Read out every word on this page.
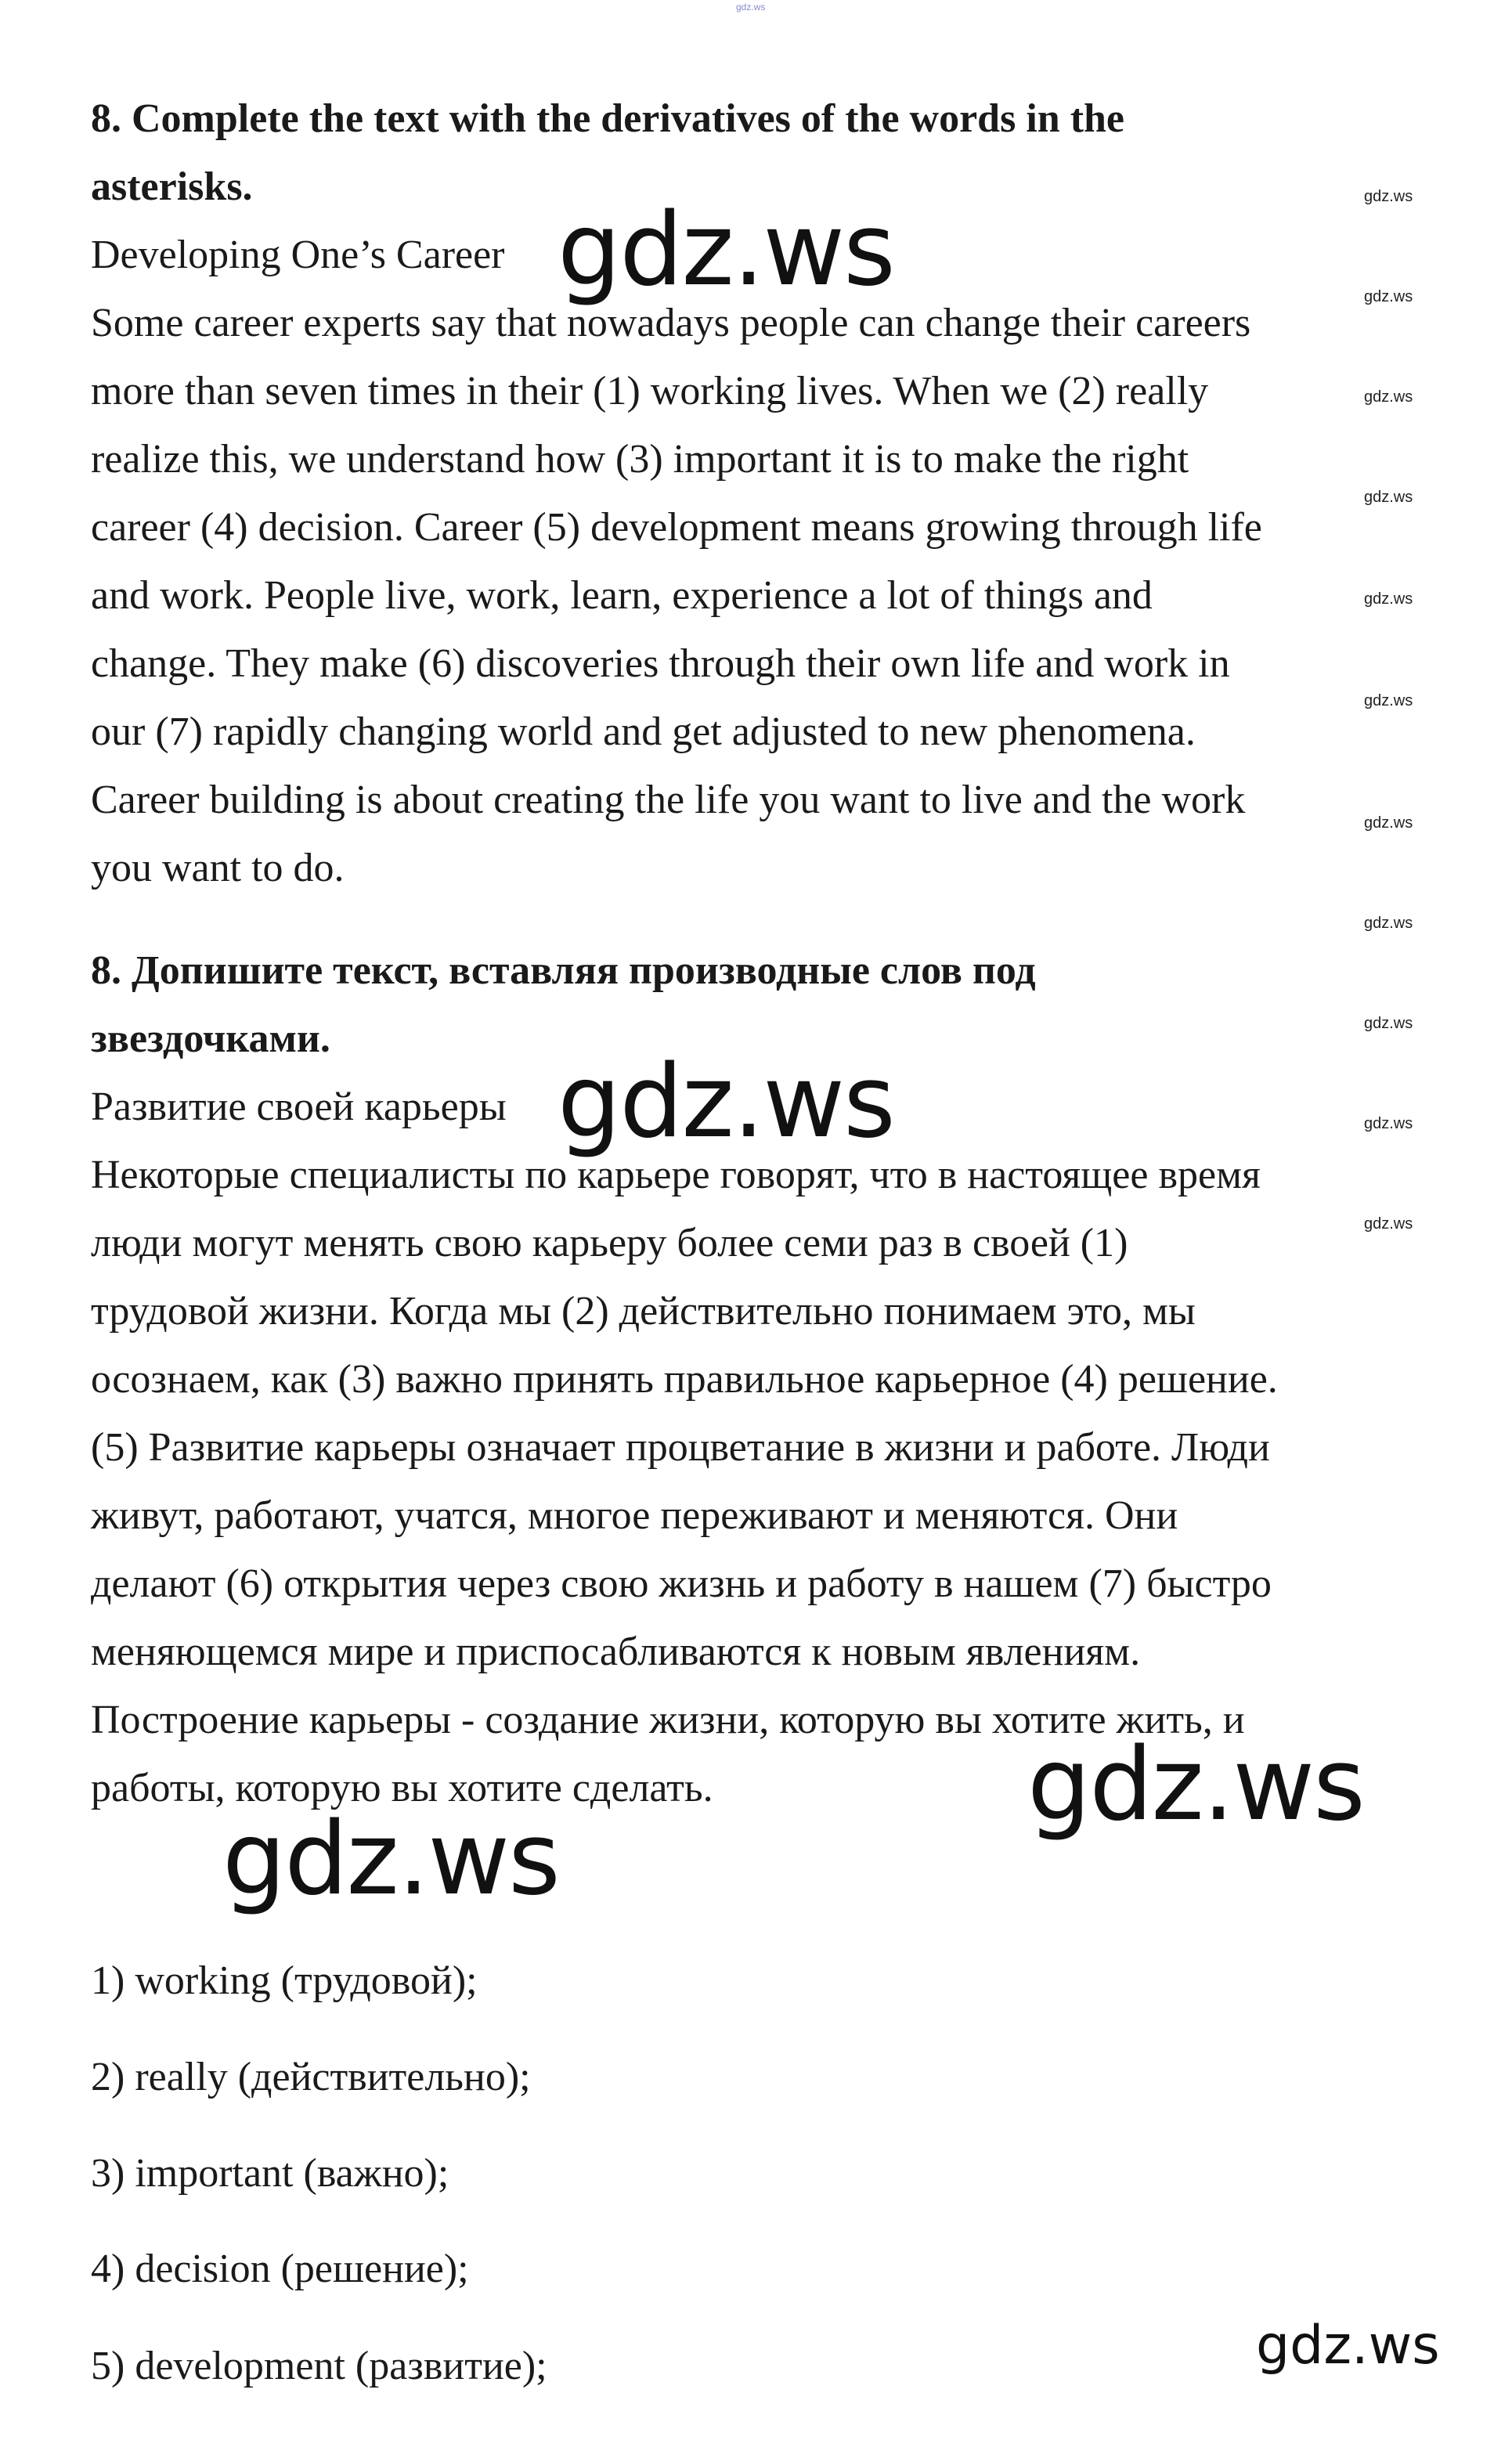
gdz.ws
8. Complete the text with the derivatives of the words in the
asterisks.
Developing One’s Career
Some career experts say that nowadays people can change their careers
more than seven times in their (1) working lives. When we (2) really
realize this, we understand how (3) important it is to make the right
career (4) decision. Career (5) development means growing through life
and work. People live, work, learn, experience a lot of things and
change. They make (6) discoveries through their own life and work in
our (7) rapidly changing world and get adjusted to new phenomena.
Career building is about creating the life you want to live and the work
you want to do.
8. Допишите текст, вставляя производные слов под
звездочками.
Развитие своей карьеры
Некоторые специалисты по карьере говорят, что в настоящее время
люди могут менять свою карьеру более семи раз в своей (1)
трудовой жизни. Когда мы (2) действительно понимаем это, мы
осознаем, как (3) важно принять правильное карьерное (4) решение.
(5) Развитие карьеры означает процветание в жизни и работе. Люди
живут, работают, учатся, многое переживают и меняются. Они
делают (6) открытия через свою жизнь и работу в нашем (7) быстро
меняющемся мире и приспосабливаются к новым явлениям.
Построение карьеры - создание жизни, которую вы хотите жить, и
работы, которую вы хотите сделать.
1) working (трудовой);
2) really (действительно);
3) important (важно);
4) decision (решение);
5) development (развитие);
gdz.ws
gdz.ws
gdz.ws
gdz.ws
gdz.ws
gdz.ws
gdz.ws
gdz.ws
gdz.ws
gdz.ws
gdz.ws
gdz.ws
gdz.ws
gdz.ws
gdz.ws
gdz.ws
